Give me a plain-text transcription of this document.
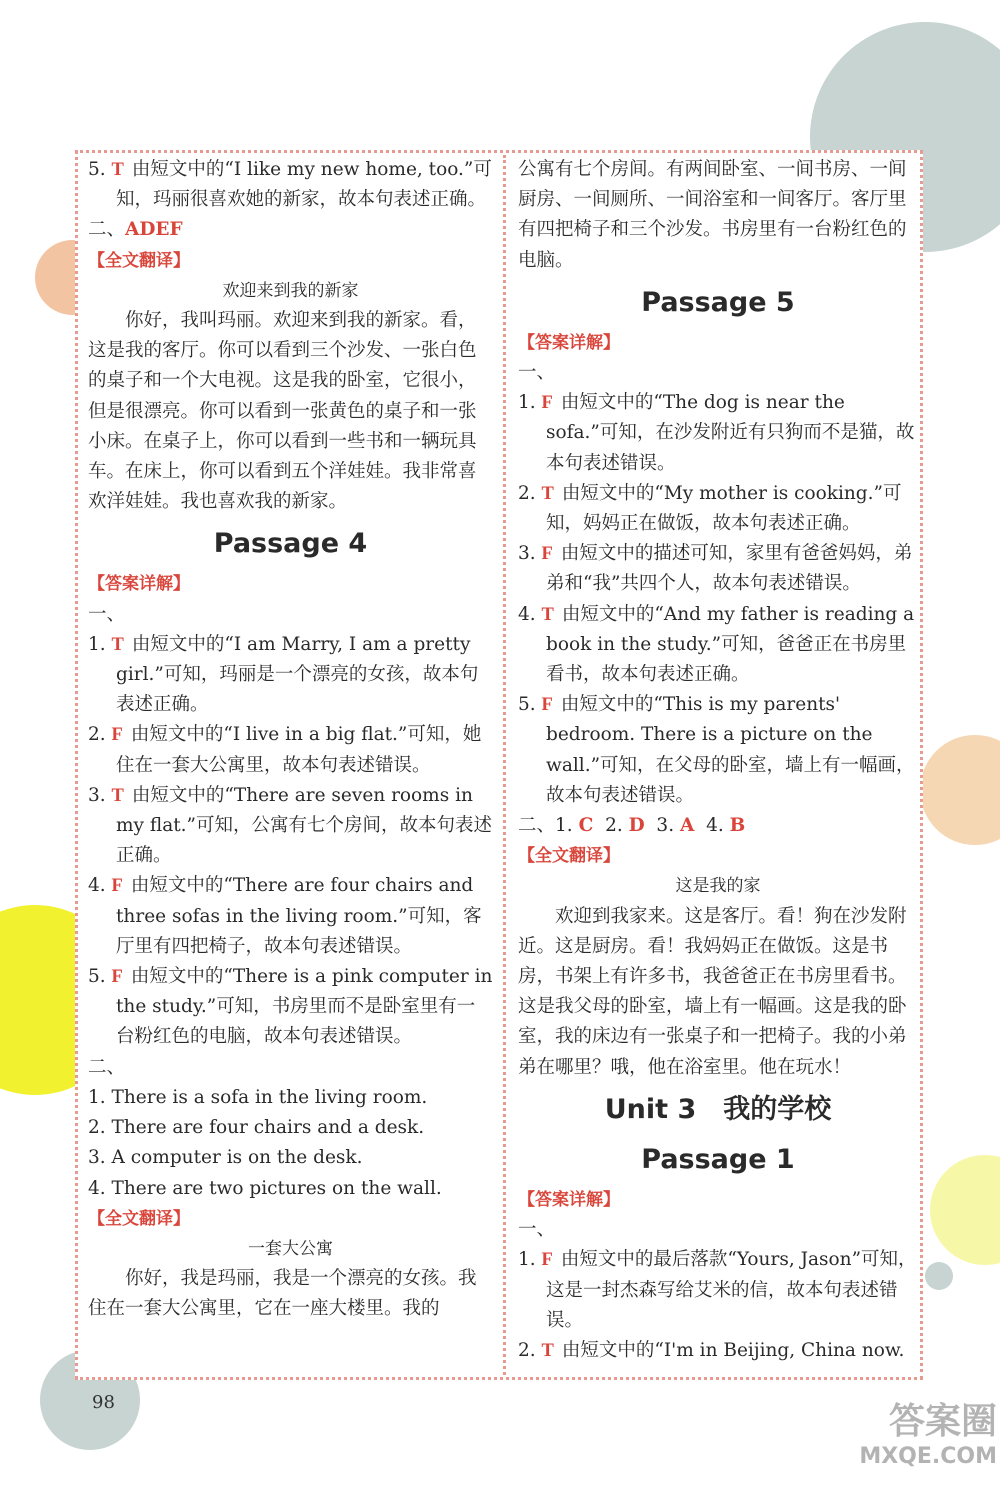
5. T 由短文中的“I like my new home, too.”可知，玛丽很喜欢她的新家，故本句表述正确。

二、ADEF

【全文翻译】

欢迎来到我的新家

你好，我叫玛丽。欢迎来到我的新家。看，这是我的客厅。你可以看到三个沙发、一张白色的桌子和一个大电视。这是我的卧室，它很小，但是很漂亮。你可以看到一张黄色的桌子和一张小床。在桌子上，你可以看到一些书和一辆玩具车。在床上，你可以看到五个洋娃娃。我非常喜欢洋娃娃。我也喜欢我的新家。

Passage 4

【答案详解】

一、

1. T 由短文中的“I am Marry, I am a pretty girl.”可知，玛丽是一个漂亮的女孩，故本句表述正确。

2. F 由短文中的“I live in a big flat.”可知，她住在一套大公寓里，故本句表述错误。

3. T 由短文中的“There are seven rooms in my flat.”可知，公寓有七个房间，故本句表述正确。

4. F 由短文中的“There are four chairs and three sofas in the living room.”可知，客厅里有四把椅子，故本句表述错误。

5. F 由短文中的“There is a pink computer in the study.”可知，书房里而不是卧室里有一台粉红色的电脑，故本句表述错误。

二、

1. There is a sofa in the living room.

2. There are four chairs and a desk.

3. A computer is on the desk.

4. There are two pictures on the wall.

【全文翻译】

一套大公寓

你好，我是玛丽，我是一个漂亮的女孩。我住在一套大公寓里，它在一座大楼里。我的

公寓有七个房间。有两间卧室、一间书房、一间厨房、一间厕所、一间浴室和一间客厅。客厅里有四把椅子和三个沙发。书房里有一台粉红色的电脑。

Passage 5

【答案详解】

一、

1. F 由短文中的“The dog is near the sofa.”可知，在沙发附近有只狗而不是猫，故本句表述错误。

2. T 由短文中的“My mother is cooking.”可知，妈妈正在做饭，故本句表述正确。

3. F 由短文中的描述可知，家里有爸爸妈妈，弟弟和“我”共四个人，故本句表述错误。

4. T 由短文中的“And my father is reading a book in the study.”可知，爸爸正在书房里看书，故本句表述正确。

5. F 由短文中的“This is my parents' bedroom. There is a picture on the wall.”可知，在父母的卧室，墙上有一幅画，故本句表述错误。

二、1. C 2. D 3. A 4. B

【全文翻译】

这是我的家

欢迎到我家来。这是客厅。看！狗在沙发附近。这是厨房。看！我妈妈正在做饭。这是书房，书架上有许多书，我爸爸正在书房里看书。这是我父母的卧室，墙上有一幅画。这是我的卧室，我的床边有一张桌子和一把椅子。我的小弟弟在哪里？哦，他在浴室里。他在玩水！

Unit 3　我的学校
Passage 1

【答案详解】

一、

1. F 由短文中的最后落款“Yours, Jason”可知，这是一封杰森写给艾米的信，故本句表述错误。

2. T 由短文中的“I'm in Beijing, China now.

98	答案圈
MXQE.COM
